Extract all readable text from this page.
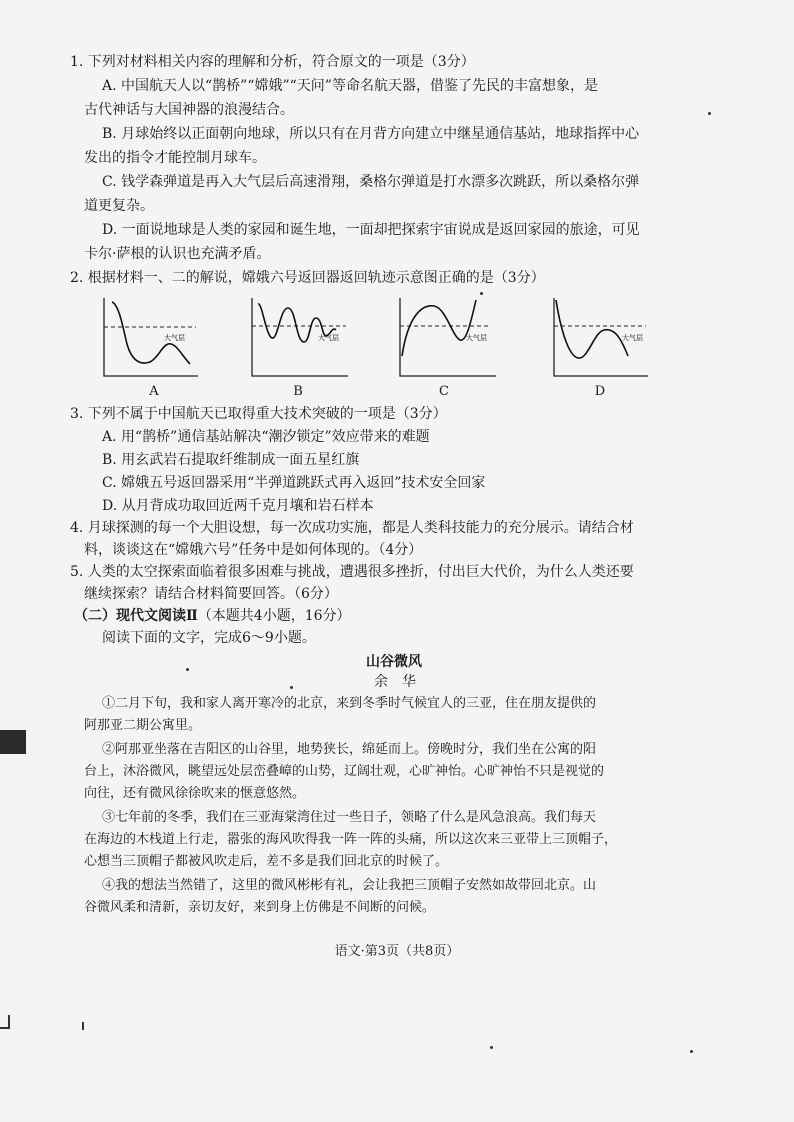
1. 下列对材料相关内容的理解和分析，符合原文的一项是（3分）
A. 中国航天人以“鹊桥”“嫦娥”“天问”等命名航天器，借鉴了先民的丰富想象，是
古代神话与大国神器的浪漫结合。
B. 月球始终以正面朝向地球，所以只有在月背方向建立中继星通信基站，地球指挥中心
发出的指令才能控制月球车。
C. 钱学森弹道是再入大气层后高速滑翔，桑格尔弹道是打水漂多次跳跃，所以桑格尔弹
道更复杂。
D. 一面说地球是人类的家园和诞生地，一面却把探索宇宙说成是返回家园的旅途，可见
卡尔·萨根的认识也充满矛盾。
2. 根据材料一、二的解说，嫦娥六号返回器返回轨迹示意图正确的是（3分）
大气层
A
大气层
B
大气层
C
大气层
D
3. 下列不属于中国航天已取得重大技术突破的一项是（3分）
A. 用“鹊桥”通信基站解决“潮汐锁定”效应带来的难题
B. 用玄武岩石提取纤维制成一面五星红旗
C. 嫦娥五号返回器采用“半弹道跳跃式再入返回”技术安全回家
D. 从月背成功取回近两千克月壤和岩石样本
4. 月球探测的每一个大胆设想，每一次成功实施，都是人类科技能力的充分展示。请结合材
料，谈谈这在“嫦娥六号”任务中是如何体现的。（4分）
5. 人类的太空探索面临着很多困难与挑战，遭遇很多挫折，付出巨大代价，为什么人类还要
继续探索？请结合材料简要回答。（6分）
（二）现代文阅读Ⅱ（本题共4小题，16分）
阅读下面的文字，完成6～9小题。
山谷微风
余　华
①二月下旬，我和家人离开寒冷的北京，来到冬季时气候宜人的三亚，住在朋友提供的
阿那亚二期公寓里。
②阿那亚坐落在吉阳区的山谷里，地势狭长，绵延而上。傍晚时分，我们坐在公寓的阳
台上，沐浴微风，眺望远处层峦叠嶂的山势，辽阔壮观，心旷神怡。心旷神怡不只是视觉的
向往，还有微风徐徐吹来的惬意悠然。
③七年前的冬季，我们在三亚海棠湾住过一些日子，领略了什么是风急浪高。我们每天
在海边的木栈道上行走，嚣张的海风吹得我一阵一阵的头痛，所以这次来三亚带上三顶帽子，
心想当三顶帽子都被风吹走后，差不多是我们回北京的时候了。
④我的想法当然错了，这里的微风彬彬有礼，会让我把三顶帽子安然如故带回北京。山
谷微风柔和清新，亲切友好，来到身上仿佛是不间断的问候。
语文·第3页（共8页）
